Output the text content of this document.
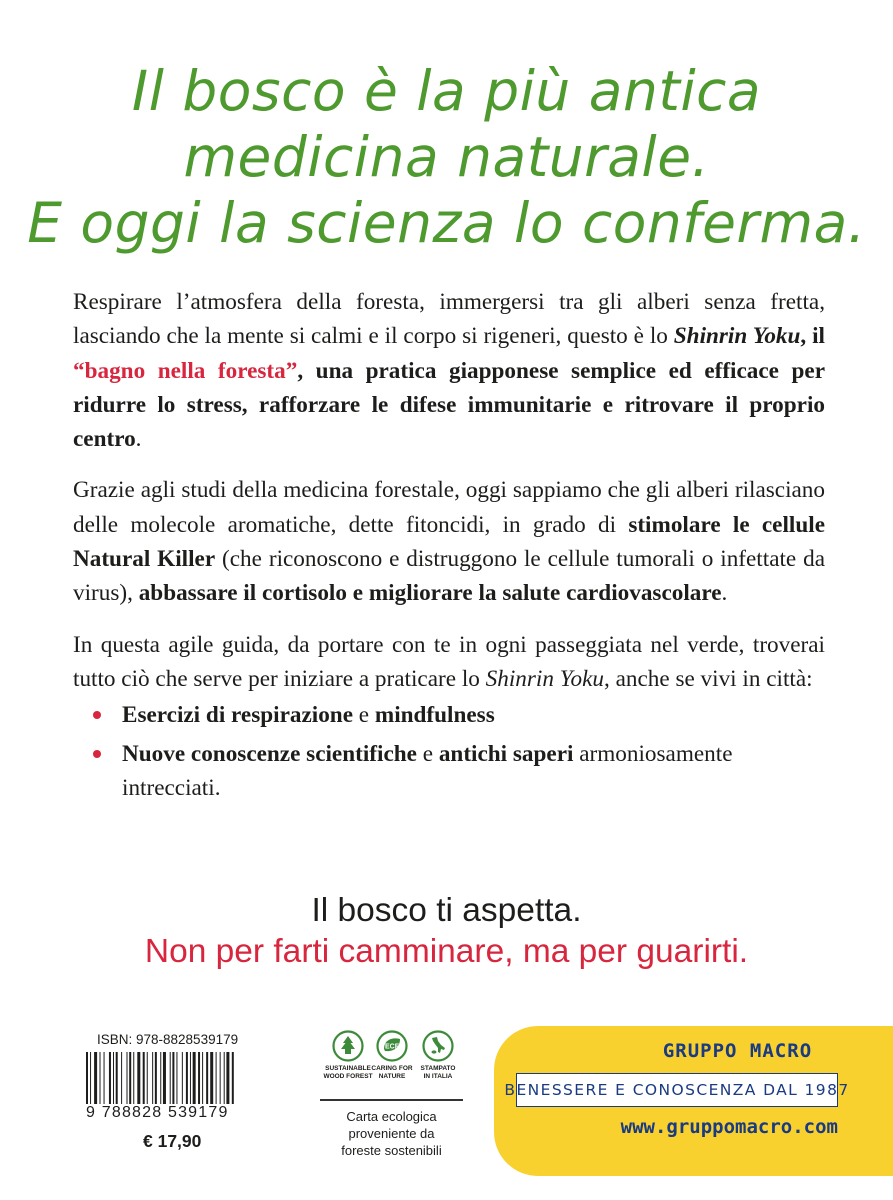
Il bosco è la più antica
medicina naturale.
E oggi la scienza lo conferma.

Respirare l’atmosfera della foresta, immergersi tra gli alberi senza fretta, lasciando che la mente si calmi e il corpo si rigeneri, questo è lo Shinrin Yoku, il “bagno nella foresta”, una pratica giapponese semplice ed efficace per ridurre lo stress, rafforzare le difese immunitarie e ritrovare il proprio centro.

Grazie agli studi della medicina forestale, oggi sappiamo che gli alberi rilasciano delle molecole aromatiche, dette fitoncidi, in grado di stimolare le cellule Natural Killer (che riconoscono e distruggono le cellule tumorali o infettate da virus), abbassare il cortisolo e migliorare la salute cardiovascolare.

In questa agile guida, da portare con te in ogni passeggiata nel verde, troverai tutto ciò che serve per iniziare a praticare lo Shinrin Yoku, anche se vivi in città:

Esercizi di respirazione e mindfulness
Nuove conoscenze scientifiche e antichi saperi armoniosamente intrecciati.
Il bosco ti aspetta.
Non per farti camminare, ma per guarirti.
ISBN: 978-8828539179
9 788828 539179
€ 17,90
SUSTAINABLE
WOOD FOREST
ECF
CARING FOR
NATURE
STAMPATO
IN ITALIA
Carta ecologica
proveniente da
foreste sostenibili
GRUPPO MACRO
BENESSERE E CONOSCENZA DAL 1987
www.gruppomacro.com
